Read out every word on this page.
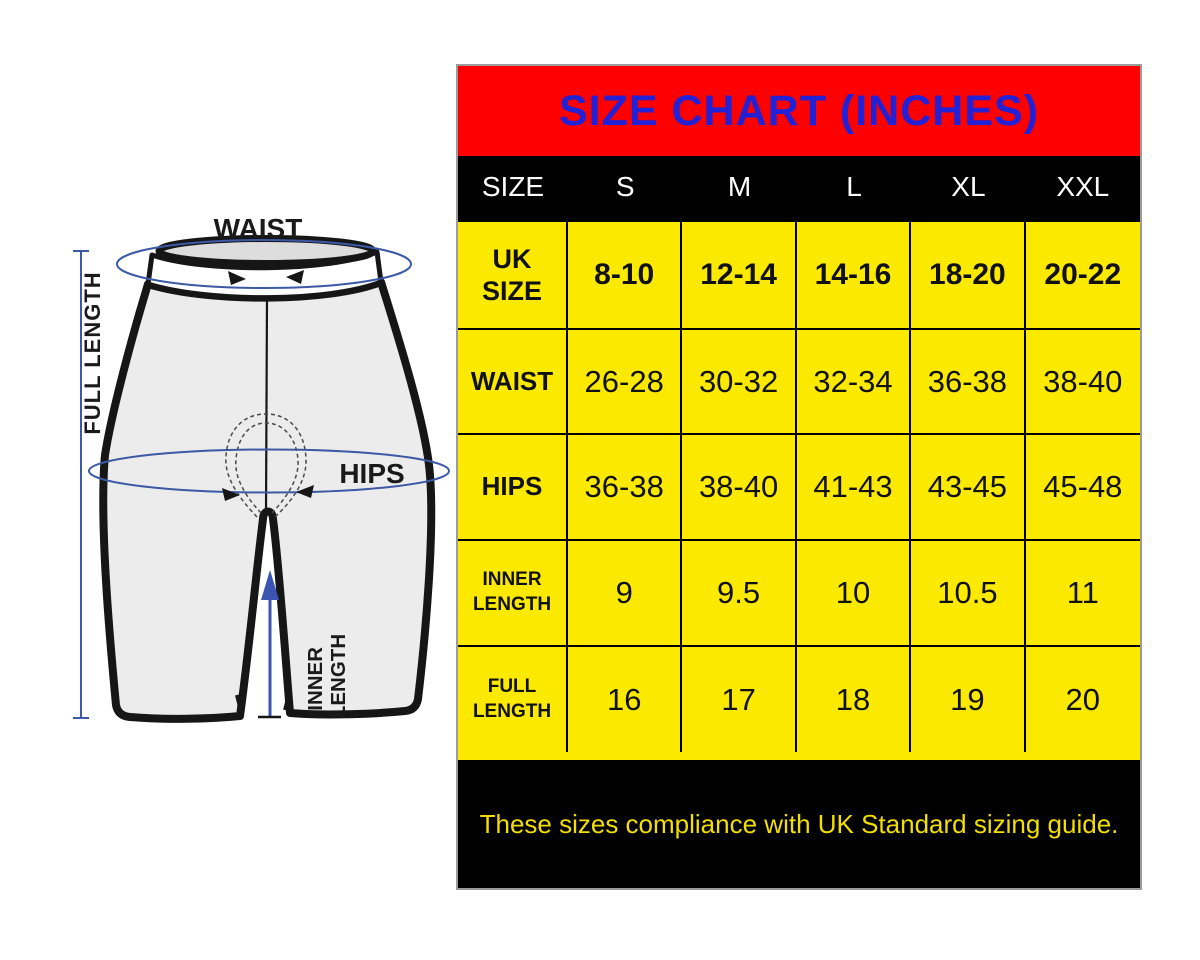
WAIST
HIPS
FULL LENGTH
INNER LENGTH
SIZE CHART (INCHES)
SIZE	S	M	L	XL	XXL
UK SIZE	8-10	12-14	14-16	18-20	20-22
WAIST	26-28	30-32	32-34	36-38	38-40
HIPS	36-38	38-40	41-43	43-45	45-48
INNER LENGTH	9	9.5	10	10.5	11
FULL LENGTH	16	17	18	19	20
These sizes compliance with UK Standard sizing guide.
